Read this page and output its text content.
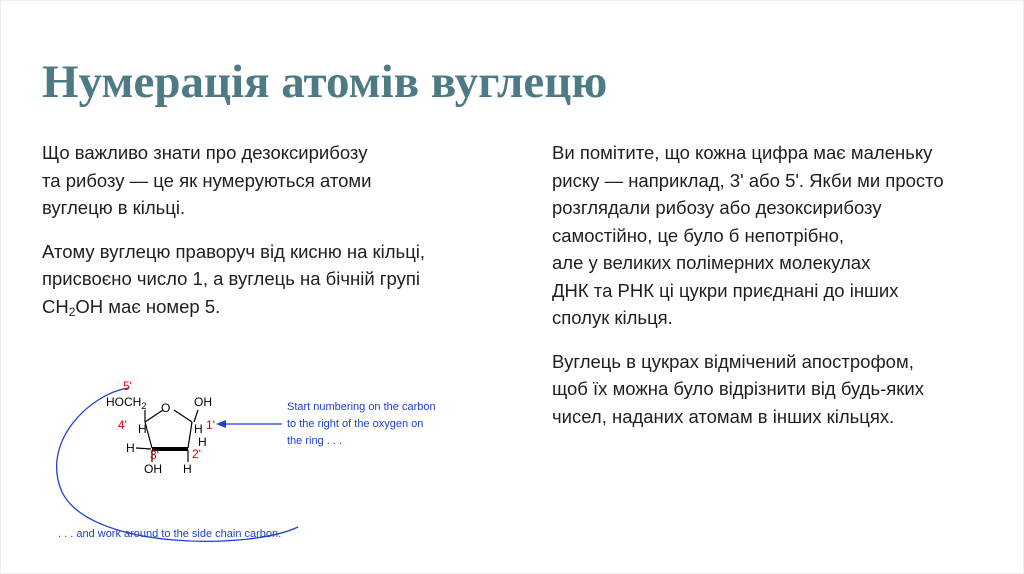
Нумерація атомів вуглецю

Що важливо знати про дезоксирибозу
та рибозу — це як нумеруються атоми
вуглецю в кільці.

Атому вуглецю праворуч від кисню на кільці,
присвоєно число 1, а вуглець на бічній групі
$CH_2OH$ має номер 5.

Ви помітите, що кожна цифра має маленьку
риску — наприклад, 3' або 5'. Якби ми просто
розглядали рибозу або дезоксирибозу
самостійно, це було б непотрібно,
але у великих полімерних молекулах
ДНК та РНК ці цукри приєднані до інших
сполук кільця.

Вуглець в цукрах відмічений апострофом,
щоб їх можна було відрізнити від будь-яких
чисел, наданих атомам в інших кільцях.

5'
$HOCH_2$ O OH
4' H	H 1'
H	H
3'	2'
OH H
Start numbering on the carbon
to the right of the oxygen on
the ring . . .
. . . and work around to the side chain carbon.
